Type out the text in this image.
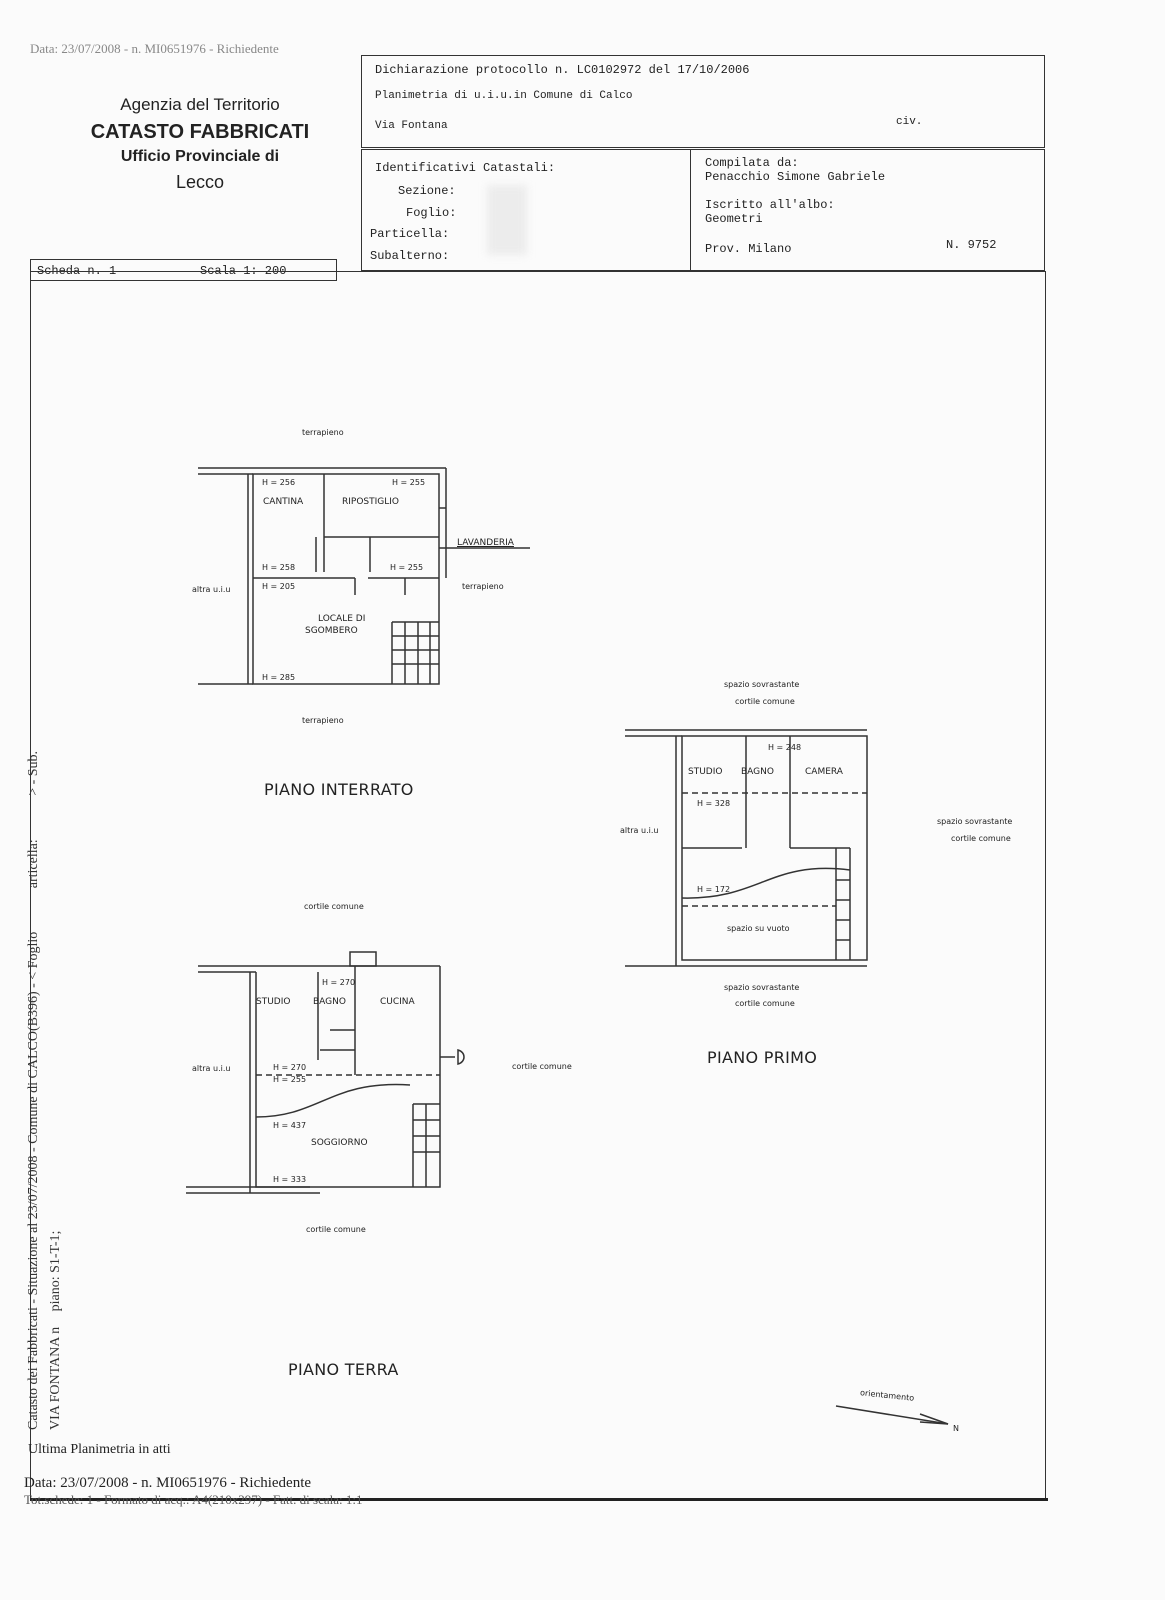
Data: 23/07/2008 - n. MI0651976 - Richiedente
Agenzia del Territorio
CATASTO FABBRICATI
Ufficio Provinciale di
Lecco
Dichiarazione protocollo n. LC0102972 del 17/10/2006
Planimetria di u.i.u.in Comune di Calco
Via Fontana	civ.
Identificativi Catastali:
Sezione:
Foglio:
Particella:
Subalterno:
Compilata da:
Penacchio Simone Gabriele
Iscritto all'albo:
Geometri
Prov. Milano	N. 9752
Scheda n. 1	Scala 1: 200
terrapieno
H = 256	H = 255
CANTINA	RIPOSTIGLIO
LAVANDERIA
H = 258	H = 255
H = 205
altra u.i.u	terrapieno
LOCALE DI
SGOMBERO
H = 285
terrapieno
PIANO INTERRATO
spazio sovrastante
cortile comune
H = 248
STUDIO BAGNO	CAMERA
H = 328
altra u.i.u
spazio sovrastante
cortile comune
H = 172
spazio su vuoto
spazio sovrastante
cortile comune
PIANO PRIMO
cortile comune
H = 270
STUDIO	BAGNO	CUCINA
altra u.i.u	H = 270
H = 255
cortile comune
H = 437
SOGGIORNO
H = 333
cortile comune
PIANO TERRA
orientamento
N
Catasto dei Fabbricati - Situazione al 23/07/2008 - Comune di CALCO(B396) - < Foglio articella: > - Sub.
VIA FONTANA n piano: S1-T-1;
Ultima Planimetria in atti
Data: 23/07/2008 - n. MI0651976 - Richiedente
Tot.schede: 1 - Formato di acq.: A4(210x297) - Fatt. di scala: 1:1
